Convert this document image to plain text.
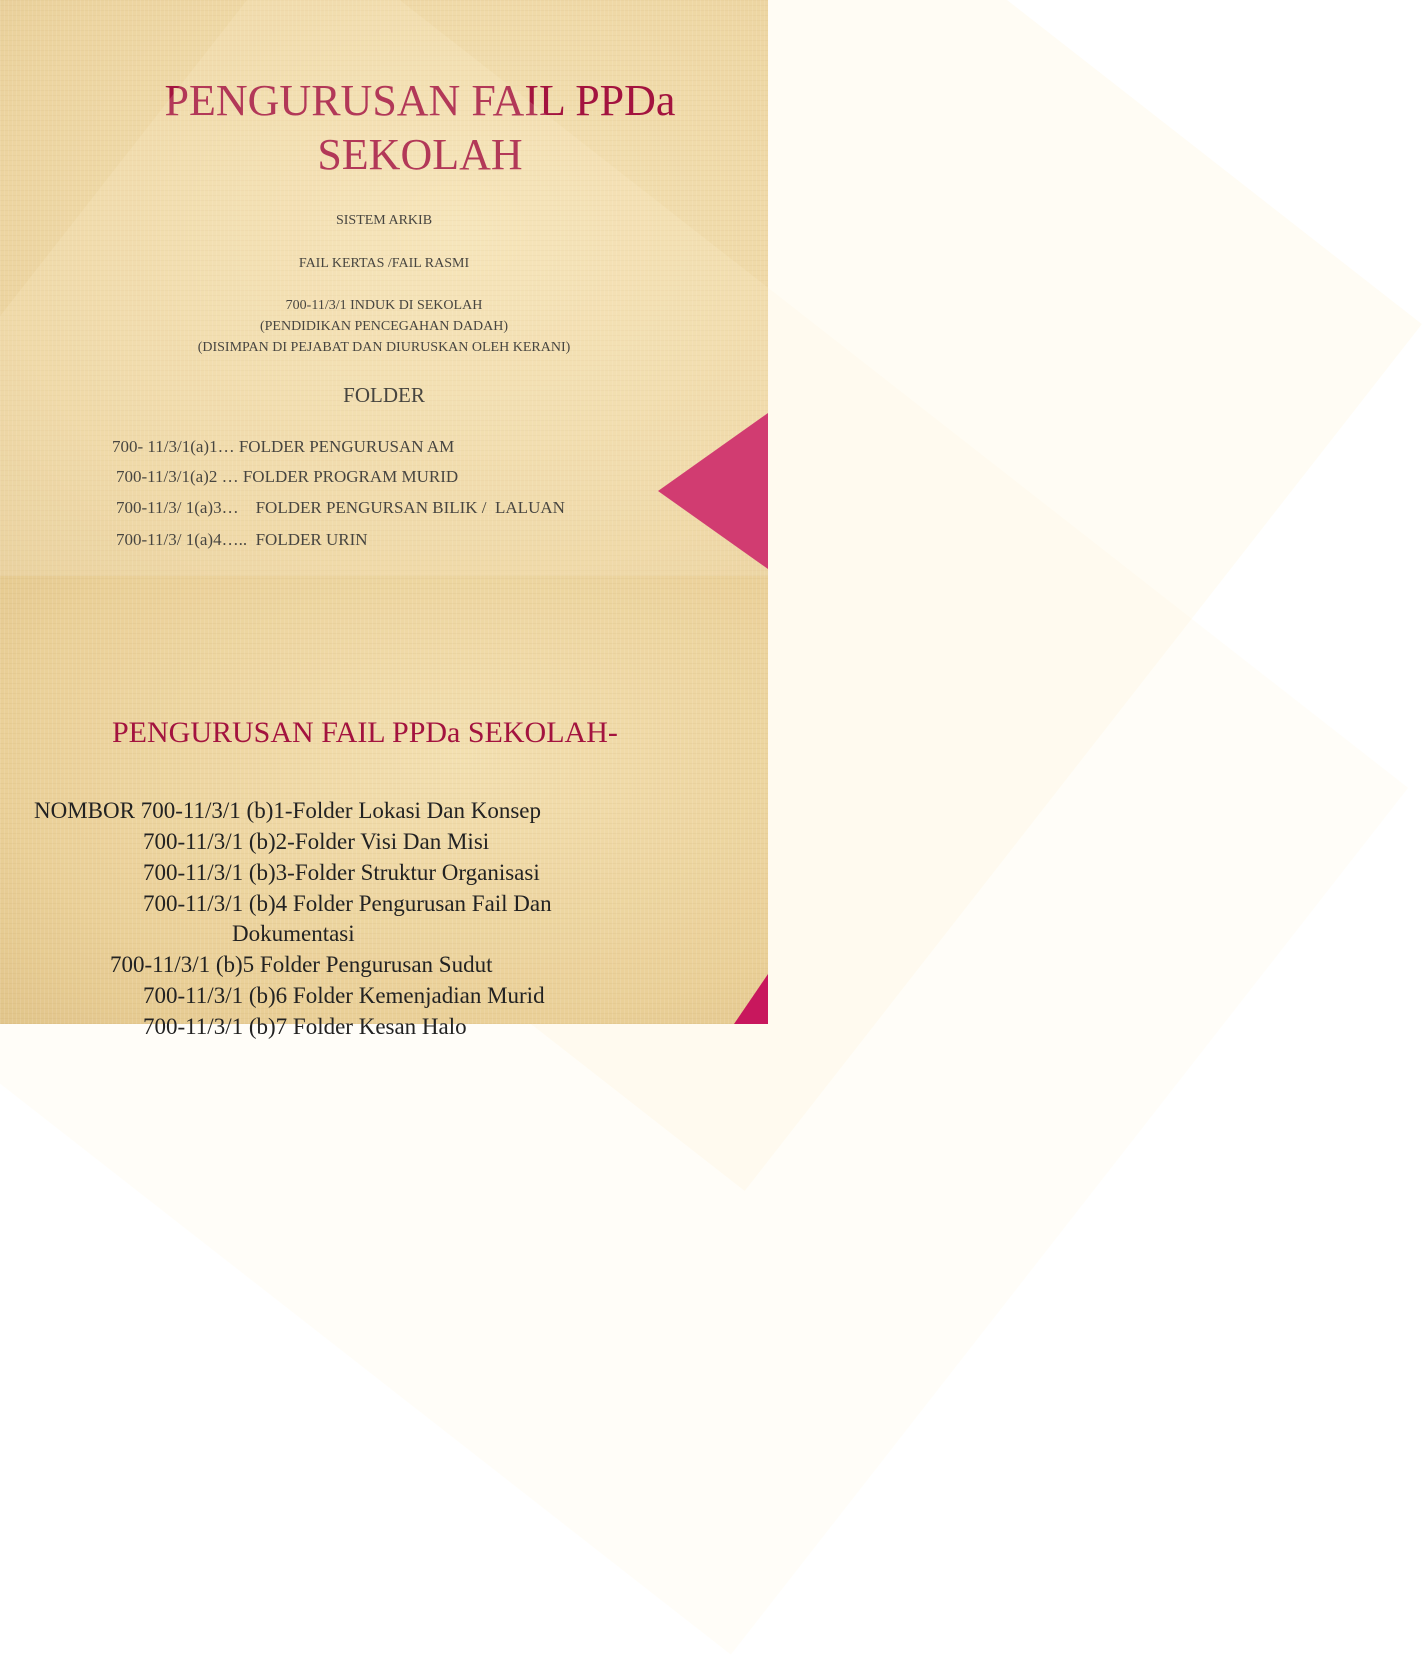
PENGURUSAN FAIL PPDa
SEKOLAH
SISTEM ARKIB
FAIL KERTAS /FAIL RASMI
700-11/3/1 INDUK DI SEKOLAH
(PENDIDIKAN PENCEGAHAN DADAH)
(DISIMPAN DI PEJABAT DAN DIURUSKAN OLEH KERANI)
FOLDER
700- 11/3/1(a)1… FOLDER PENGURUSAN AM
700-11/3/1(a)2 … FOLDER PROGRAM MURID
700-11/3/ 1(a)3…    FOLDER PENGURSAN BILIK /  LALUAN
700-11/3/ 1(a)4…..  FOLDER URIN
PENGURUSAN FAIL PPDa SEKOLAH-
NOMBOR 700-11/3/1 (b)1-Folder Lokasi Dan Konsep
700-11/3/1 (b)2-Folder Visi Dan Misi
700-11/3/1 (b)3-Folder Struktur Organisasi
700-11/3/1 (b)4 Folder Pengurusan Fail Dan
Dokumentasi
700-11/3/1 (b)5 Folder Pengurusan Sudut
700-11/3/1 (b)6 Folder Kemenjadian Murid
700-11/3/1 (b)7 Folder Kesan Halo
